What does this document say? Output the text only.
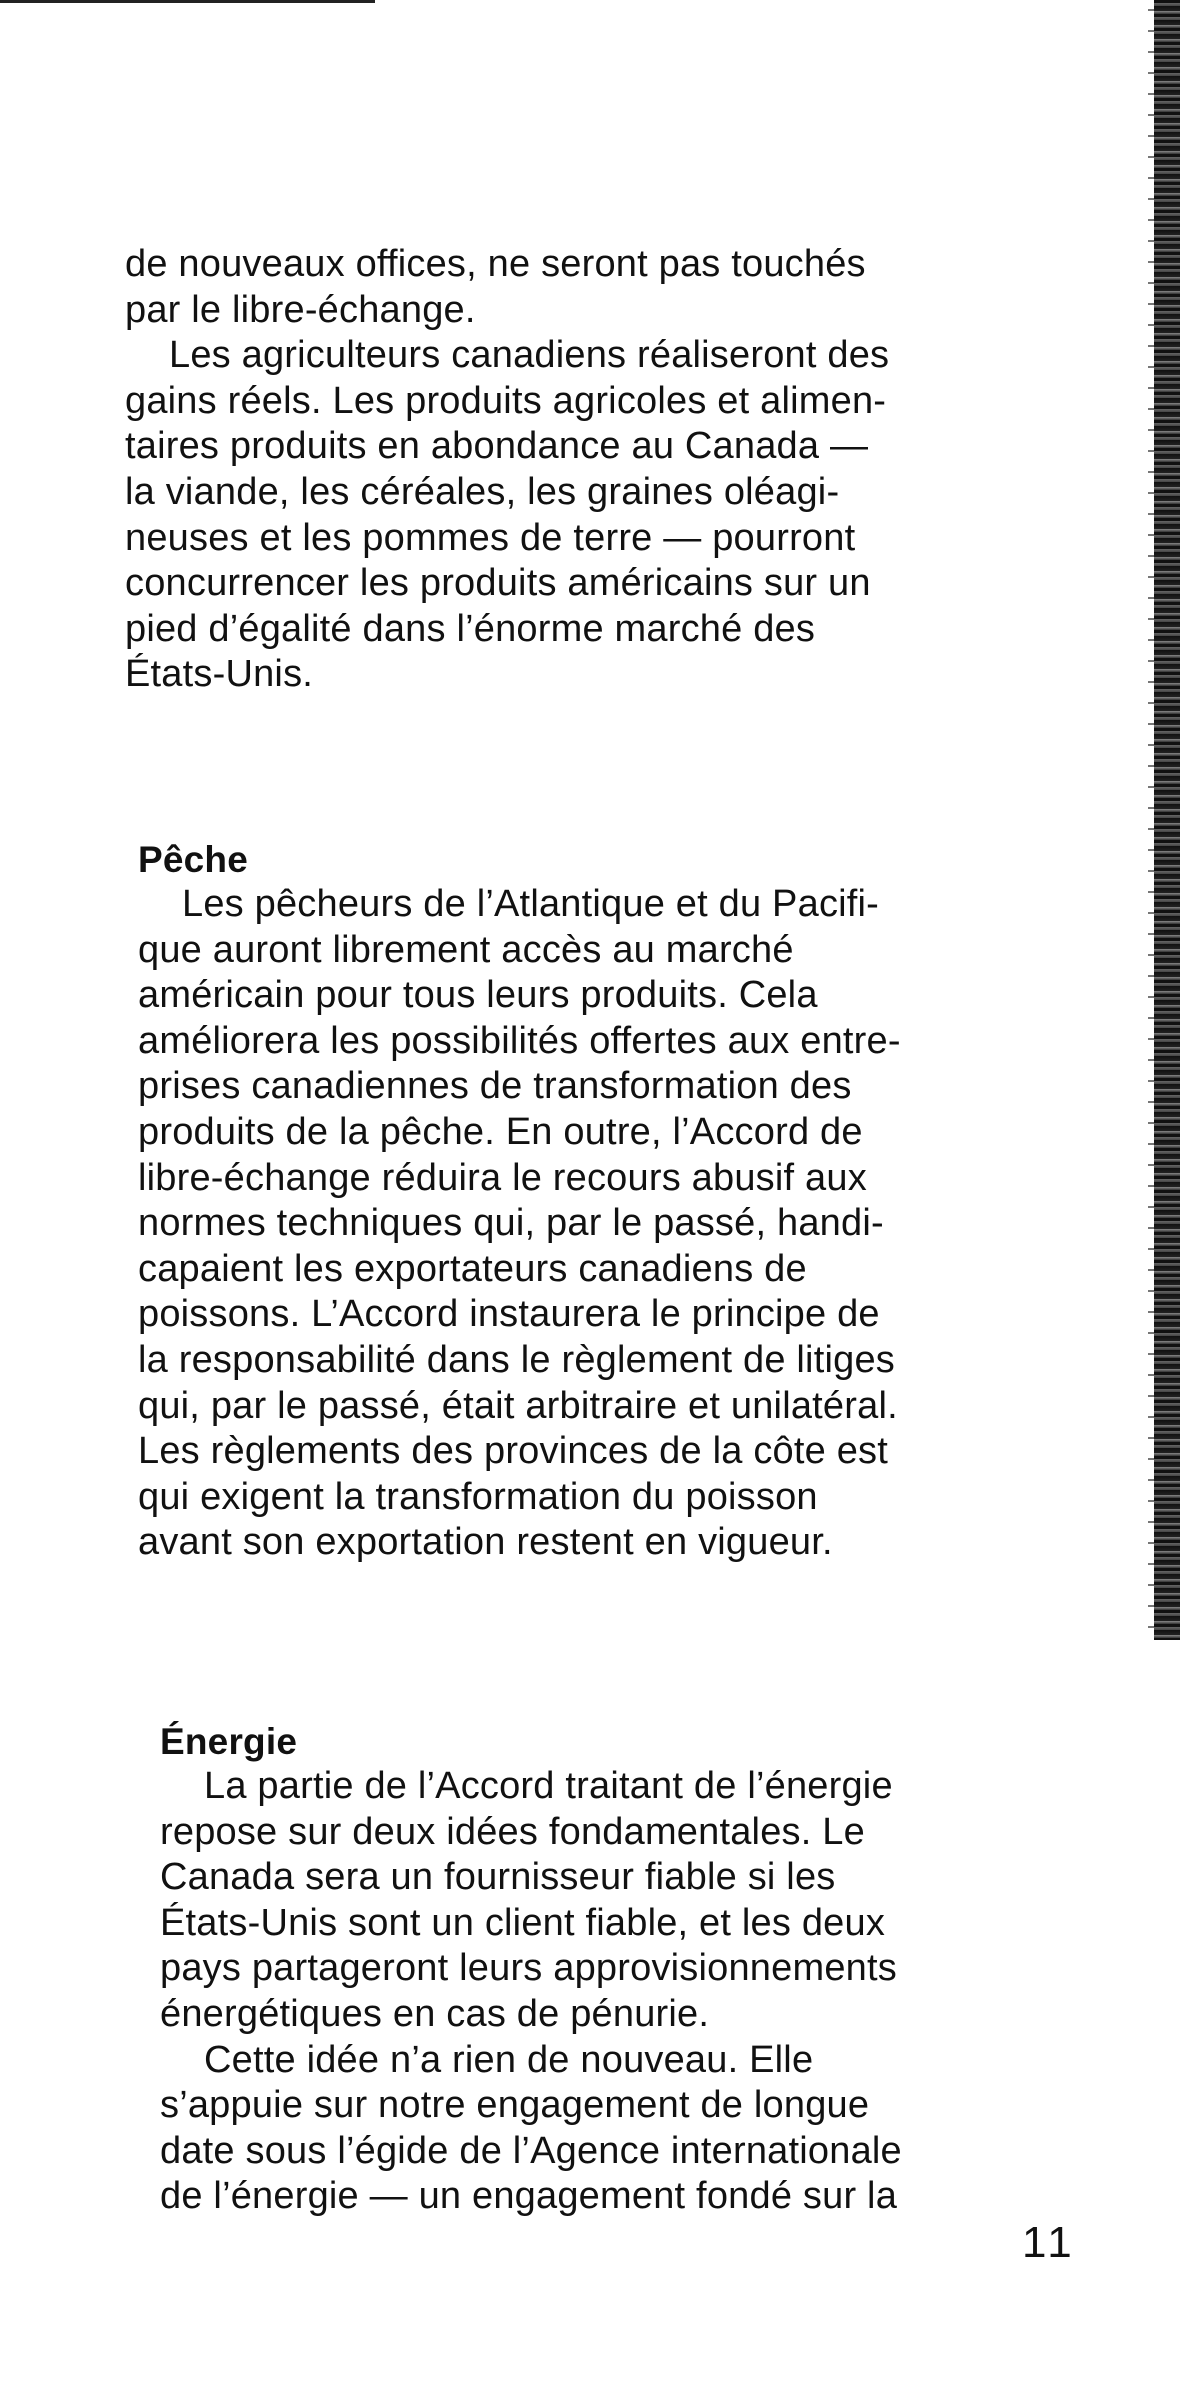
de nouveaux offices, ne seront pas touchés
par le libre-échange.
Les agriculteurs canadiens réaliseront des
gains réels. Les produits agricoles et alimen-
taires produits en abondance au Canada —
la viande, les céréales, les graines oléagi-
neuses et les pommes de terre — pourront
concurrencer les produits américains sur un
pied d’égalité dans l’énorme marché des
États-Unis.
Pêche
Les pêcheurs de l’Atlantique et du Pacifi-
que auront librement accès au marché
américain pour tous leurs produits. Cela
améliorera les possibilités offertes aux entre-
prises canadiennes de transformation des
produits de la pêche. En outre, l’Accord de
libre-échange réduira le recours abusif aux
normes techniques qui, par le passé, handi-
capaient les exportateurs canadiens de
poissons. L’Accord instaurera le principe de
la responsabilité dans le règlement de litiges
qui, par le passé, était arbitraire et unilatéral.
Les règlements des provinces de la côte est
qui exigent la transformation du poisson
avant son exportation restent en vigueur.
Énergie
La partie de l’Accord traitant de l’énergie
repose sur deux idées fondamentales. Le
Canada sera un fournisseur fiable si les
États-Unis sont un client fiable, et les deux
pays partageront leurs approvisionnements
énergétiques en cas de pénurie.
Cette idée n’a rien de nouveau. Elle
s’appuie sur notre engagement de longue
date sous l’égide de l’Agence internationale
de l’énergie — un engagement fondé sur la
11
